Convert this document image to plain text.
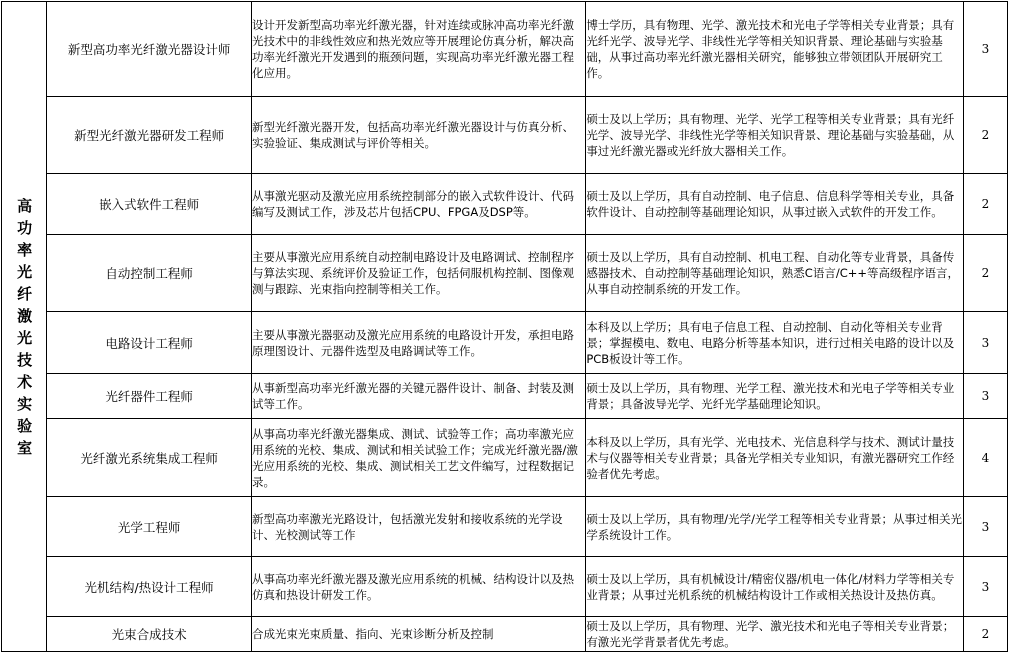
高功率光纤激光技术实验室	新型高功率光纤激光器设计师	设计开发新型高功率光纤激光器，针对连续或脉冲高功率光纤激光技术中的非线性效应和热光效应等开展理论仿真分析，解决高功率光纤激光开发遇到的瓶颈问题，实现高功率光纤激光器工程化应用。	博士学历，具有物理、光学、激光技术和光电子学等相关专业背景；具有光纤光学、波导光学、非线性光学等相关知识背景、理论基础与实验基础，从事过高功率光纤激光器相关研究，能够独立带领团队开展研究工作。	3
	新型光纤激光器研发工程师	新型光纤激光器开发，包括高功率光纤激光器设计与仿真分析、实验验证、集成测试与评价等相关。	硕士及以上学历；具有物理、光学、光学工程等相关专业背景；具有光纤光学、波导光学、非线性光学等相关知识背景、理论基础与实验基础，从事过光纤激光器或光纤放大器相关工作。	2
	嵌入式软件工程师	从事激光驱动及激光应用系统控制部分的嵌入式软件设计、代码编写及测试工作，涉及芯片包括CPU、FPGA及DSP等。	硕士及以上学历，具有自动控制、电子信息、信息科学等相关专业，具备软件设计、自动控制等基础理论知识，从事过嵌入式软件的开发工作。	2
	自动控制工程师	主要从事激光应用系统自动控制电路设计及电路调试、控制程序与算法实现、系统评价及验证工作，包括伺服机构控制、图像观测与跟踪、光束指向控制等相关工作。	硕士及以上学历，具有自动控制、机电工程、自动化等专业背景，具备传感器技术、自动控制等基础理论知识，熟悉C语言/C++等高级程序语言，从事自动控制系统的开发工作。	2
	电路设计工程师	主要从事激光器驱动及激光应用系统的电路设计开发，承担电路原理图设计、元器件选型及电路调试等工作。	本科及以上学历；具有电子信息工程、自动控制、自动化等相关专业背景；掌握模电、数电、电路分析等基本知识，进行过相关电路的设计以及PCB板设计等工作。	3
	光纤器件工程师	从事新型高功率光纤激光器的关键元器件设计、制备、封装及测试等工作。	硕士及以上学历，具有物理、光学工程、激光技术和光电子学等相关专业背景；具备波导光学、光纤光学基础理论知识。	3
	光纤激光系统集成工程师	从事高功率光纤激光器集成、测试、试验等工作；高功率激光应用系统的光校、集成、测试和相关试验工作；完成光纤激光器/激光应用系统的光校、集成、测试相关工艺文件编写，过程数据记录。	本科及以上学历，具有光学、光电技术、光信息科学与技术、测试计量技术与仪器等相关专业背景；具备光学相关专业知识，有激光器研究工作经验者优先考虑。	4
	光学工程师	新型高功率激光光路设计，包括激光发射和接收系统的光学设计、光校测试等工作	硕士及以上学历，具有物理/光学/光学工程等相关专业背景；从事过相关光学系统设计工作。	3
	光机结构/热设计工程师	从事高功率光纤激光器及激光应用系统的机械、结构设计以及热仿真和热设计研发工作。	硕士及以上学历，具有机械设计/精密仪器/机电一体化/材料力学等相关专业背景；从事过光机系统的机械结构设计工作或相关热设计及热仿真。	3
	光束合成技术	合成光束光束质量、指向、光束诊断分析及控制	硕士及以上学历，具有物理、光学、激光技术和光电子等相关专业背景；有激光光学背景者优先考虑。	2
